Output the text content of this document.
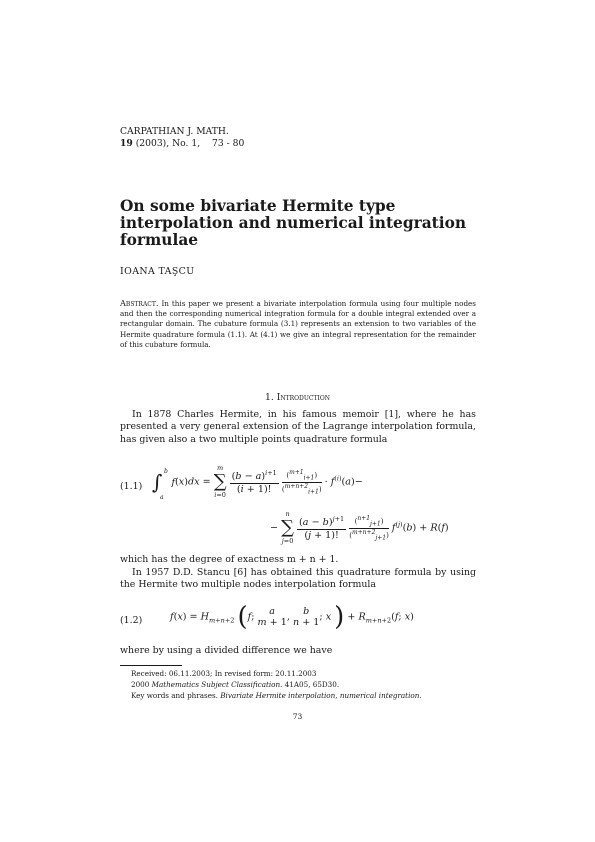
CARPATHIAN J. MATH.
19 (2003), No. 1, 73 - 80
On some bivariate Hermite type interpolation and numerical integration formulae
IOANA TAŞCU
Abstract. In this paper we present a bivariate interpolation formula using four multiple nodes and then the corresponding numerical integration formula for a double integral extended over a rectangular domain. The cubature formula (3.1) represents an extension to two variables of the Hermite quadrature formula (1.1). At (4.1) we give an integral representation for the remainder of this cubature formula.
1. Introduction
In 1878 Charles Hermite, in his famous memoir [1], where he has presented a very general extension of the Lagrange interpolation formula, has given also a two multiple points quadrature formula
(1.1) ∫ b
a
f(x)dx =
m
∑
i=0

$\frac{(b - a)^{i+1}}{(i + 1)!}$
$\frac{(^{m+1}_{i+1})}{(^{m+n+2}_{i+1})} \cdot f^{(i)}(a)-$
−
n
∑
j=0

$\frac{(a - b)^{j+1}}{(j + 1)!}$
$\frac{(^{n+1}_{j+1})}{(^{m+n+2}_{j+1})} f^{(j)}(b) + R(f)$
which has the degree of exactness m + n + 1.
In 1957 D.D. Stancu [6] has obtained this quadrature formula by using the Hermite two multiple nodes interpolation formula
(1.2)	$f(x) = H_{m+n+2}$ (f;	a
m + 1 ,	b
n + 1 ; x ) + $R_{m+n+2}(f$; x)
where by using a divided difference we have
Received: 06.11.2003; In revised form: 20.11.2003
2000 Mathematics Subject Classification. 41A05, 65D30.
Key words and phrases. Bivariate Hermite interpolation, numerical integration.
73
